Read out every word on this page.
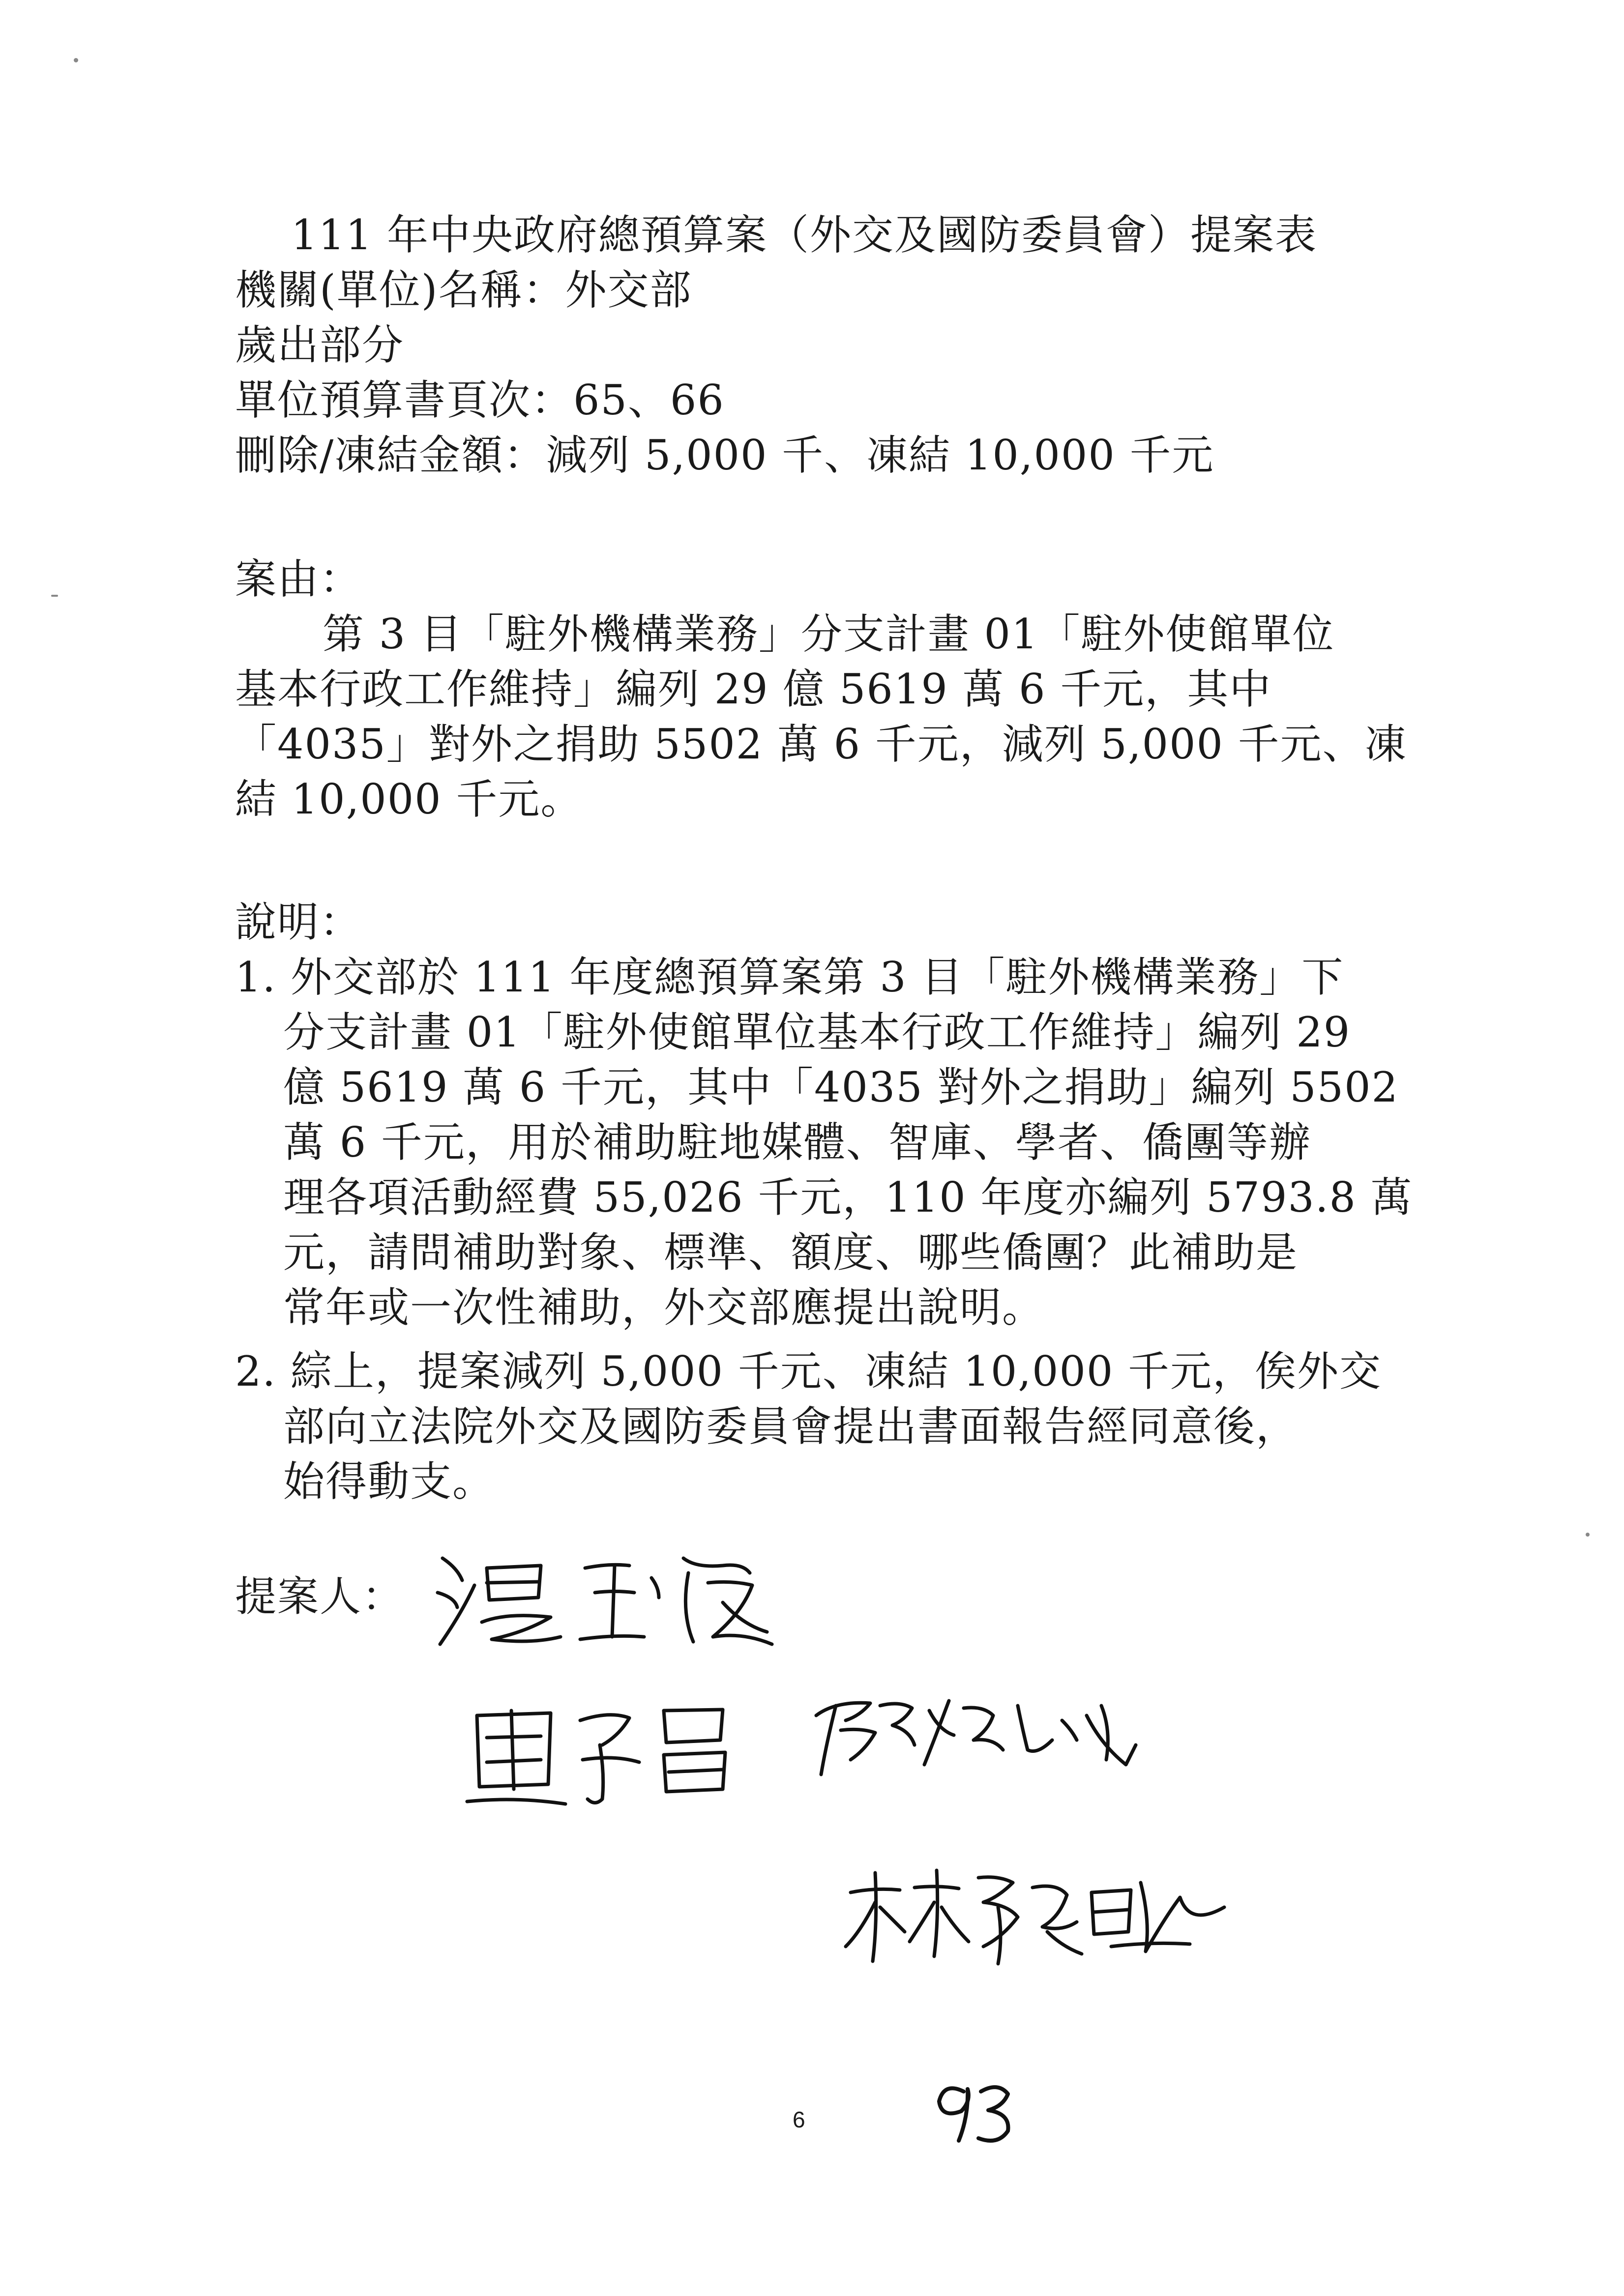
111 年中央政府總預算案（外交及國防委員會）提案表
機關(單位)名稱：外交部
歲出部分
單位預算書頁次：65、66
刪除/凍結金額：減列 5,000 千、凍結 10,000 千元
案由：
第 3 目「駐外機構業務」分支計畫 01「駐外使館單位
基本行政工作維持」編列 29 億 5619 萬 6 千元，其中
「4035」對外之捐助 5502 萬 6 千元，減列 5,000 千元、凍
結 10,000 千元。
說明：
1. 外交部於 111 年度總預算案第 3 目「駐外機構業務」下
分支計畫 01「駐外使館單位基本行政工作維持」編列 29
億 5619 萬 6 千元，其中「4035 對外之捐助」編列 5502
萬 6 千元，用於補助駐地媒體、智庫、學者、僑團等辦
理各項活動經費 55,026 千元，110 年度亦編列 5793.8 萬
元，請問補助對象、標準、額度、哪些僑團？此補助是
常年或一次性補助，外交部應提出說明。
2. 綜上，提案減列 5,000 千元、凍結 10,000 千元，俟外交
部向立法院外交及國防委員會提出書面報告經同意後，
始得動支。
提案人：
6
